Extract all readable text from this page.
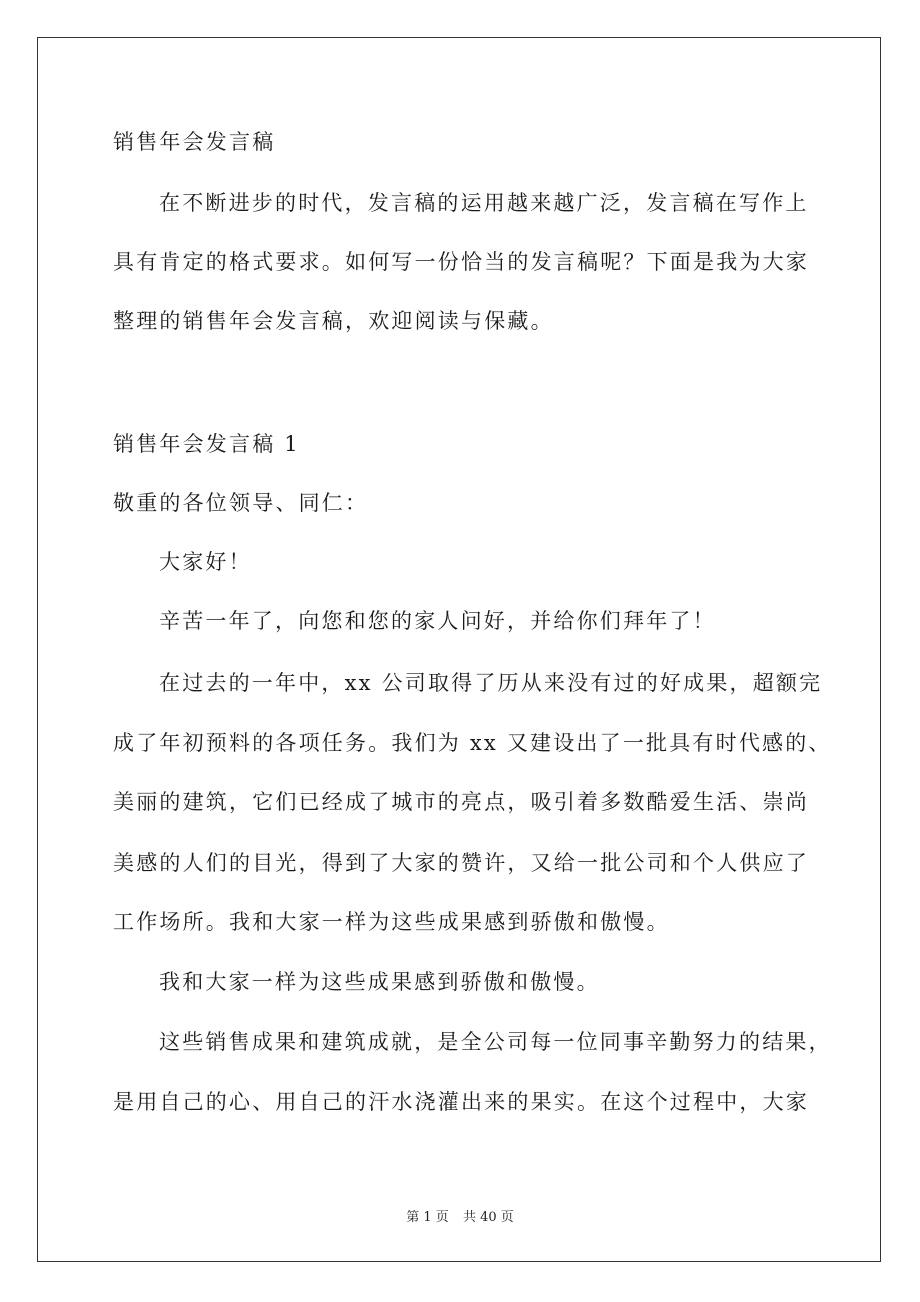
销售年会发言稿
在不断进步的时代，发言稿的运用越来越广泛，发言稿在写作上
具有肯定的格式要求。如何写一份恰当的发言稿呢？下面是我为大家
整理的销售年会发言稿，欢迎阅读与保藏。
销售年会发言稿 1
敬重的各位领导、同仁：
大家好！
辛苦一年了，向您和您的家人问好，并给你们拜年了！
在过去的一年中，xx 公司取得了历从来没有过的好成果，超额完
成了年初预料的各项任务。我们为 xx 又建设出了一批具有时代感的、
美丽的建筑，它们已经成了城市的亮点，吸引着多数酷爱生活、崇尚
美感的人们的目光，得到了大家的赞许，又给一批公司和个人供应了
工作场所。我和大家一样为这些成果感到骄傲和傲慢。
我和大家一样为这些成果感到骄傲和傲慢。
这些销售成果和建筑成就，是全公司每一位同事辛勤努力的结果，
是用自己的心、用自己的汗水浇灌出来的果实。在这个过程中，大家
第 1 页 共 40 页
